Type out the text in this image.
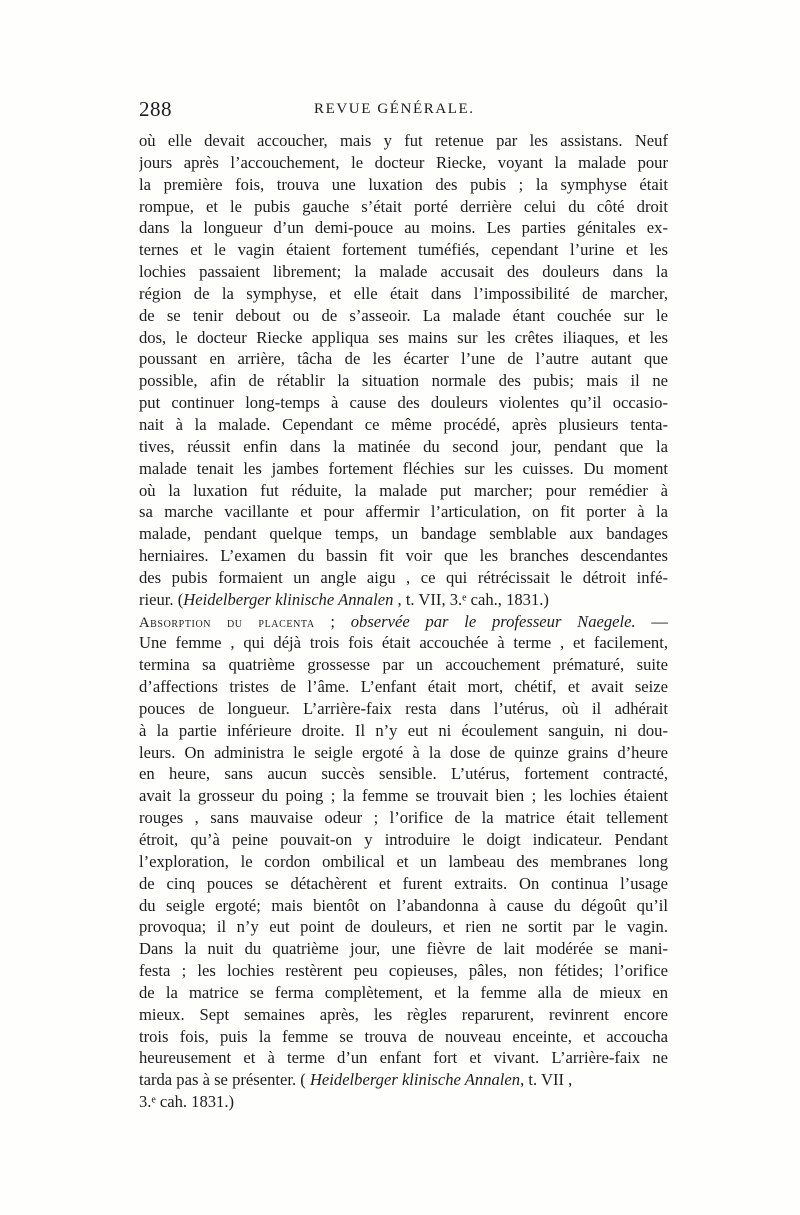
288	REVUE GÉNÉRALE.
où elle devait accoucher, mais y fut retenue par les assistans. Neuf
jours après l’accouchement, le docteur Riecke, voyant la malade pour
la première fois, trouva une luxation des pubis ; la symphyse était
rompue, et le pubis gauche s’était porté derrière celui du côté droit
dans la longueur d’un demi-pouce au moins. Les parties génitales ex-
ternes et le vagin étaient fortement tuméfiés, cependant l’urine et les
lochies passaient librement; la malade accusait des douleurs dans la
région de la symphyse, et elle était dans l’impossibilité de marcher,
de se tenir debout ou de s’asseoir. La malade étant couchée sur le
dos, le docteur Riecke appliqua ses mains sur les crêtes iliaques, et les
poussant en arrière, tâcha de les écarter l’une de l’autre autant que
possible, afin de rétablir la situation normale des pubis; mais il ne
put continuer long-temps à cause des douleurs violentes qu’il occasio-
nait à la malade. Cependant ce même procédé, après plusieurs tenta-
tives, réussit enfin dans la matinée du second jour, pendant que la
malade tenait les jambes fortement fléchies sur les cuisses. Du moment
où la luxation fut réduite, la malade put marcher; pour remédier à
sa marche vacillante et pour affermir l’articulation, on fit porter à la
malade, pendant quelque temps, un bandage semblable aux bandages
herniaires. L’examen du bassin fit voir que les branches descendantes
des pubis formaient un angle aigu , ce qui rétrécissait le détroit infé-
rieur. (Heidelberger klinische Annalen , t. VII, 3.ᵉ cah., 1831.)
Absorption du placenta ; observée par le professeur Naegele. —
Une femme , qui déjà trois fois était accouchée à terme , et facilement,
termina sa quatrième grossesse par un accouchement prématuré, suite
d’affections tristes de l’âme. L’enfant était mort, chétif, et avait seize
pouces de longueur. L’arrière-faix resta dans l’utérus, où il adhérait
à la partie inférieure droite. Il n’y eut ni écoulement sanguin, ni dou-
leurs. On administra le seigle ergoté à la dose de quinze grains d’heure
en heure, sans aucun succès sensible. L’utérus, fortement contracté,
avait la grosseur du poing ; la femme se trouvait bien ; les lochies étaient
rouges , sans mauvaise odeur ; l’orifice de la matrice était tellement
étroit, qu’à peine pouvait-on y introduire le doigt indicateur. Pendant
l’exploration, le cordon ombilical et un lambeau des membranes long
de cinq pouces se détachèrent et furent extraits. On continua l’usage
du seigle ergoté; mais bientôt on l’abandonna à cause du dégoût qu’il
provoqua; il n’y eut point de douleurs, et rien ne sortit par le vagin.
Dans la nuit du quatrième jour, une fièvre de lait modérée se mani-
festa ; les lochies restèrent peu copieuses, pâles, non fétides; l’orifice
de la matrice se ferma complètement, et la femme alla de mieux en
mieux. Sept semaines après, les règles reparurent, revinrent encore
trois fois, puis la femme se trouva de nouveau enceinte, et accoucha
heureusement et à terme d’un enfant fort et vivant. L’arrière-faix ne
tarda pas à se présenter. ( Heidelberger klinische Annalen, t. VII ,
3.ᵉ cah. 1831.)
